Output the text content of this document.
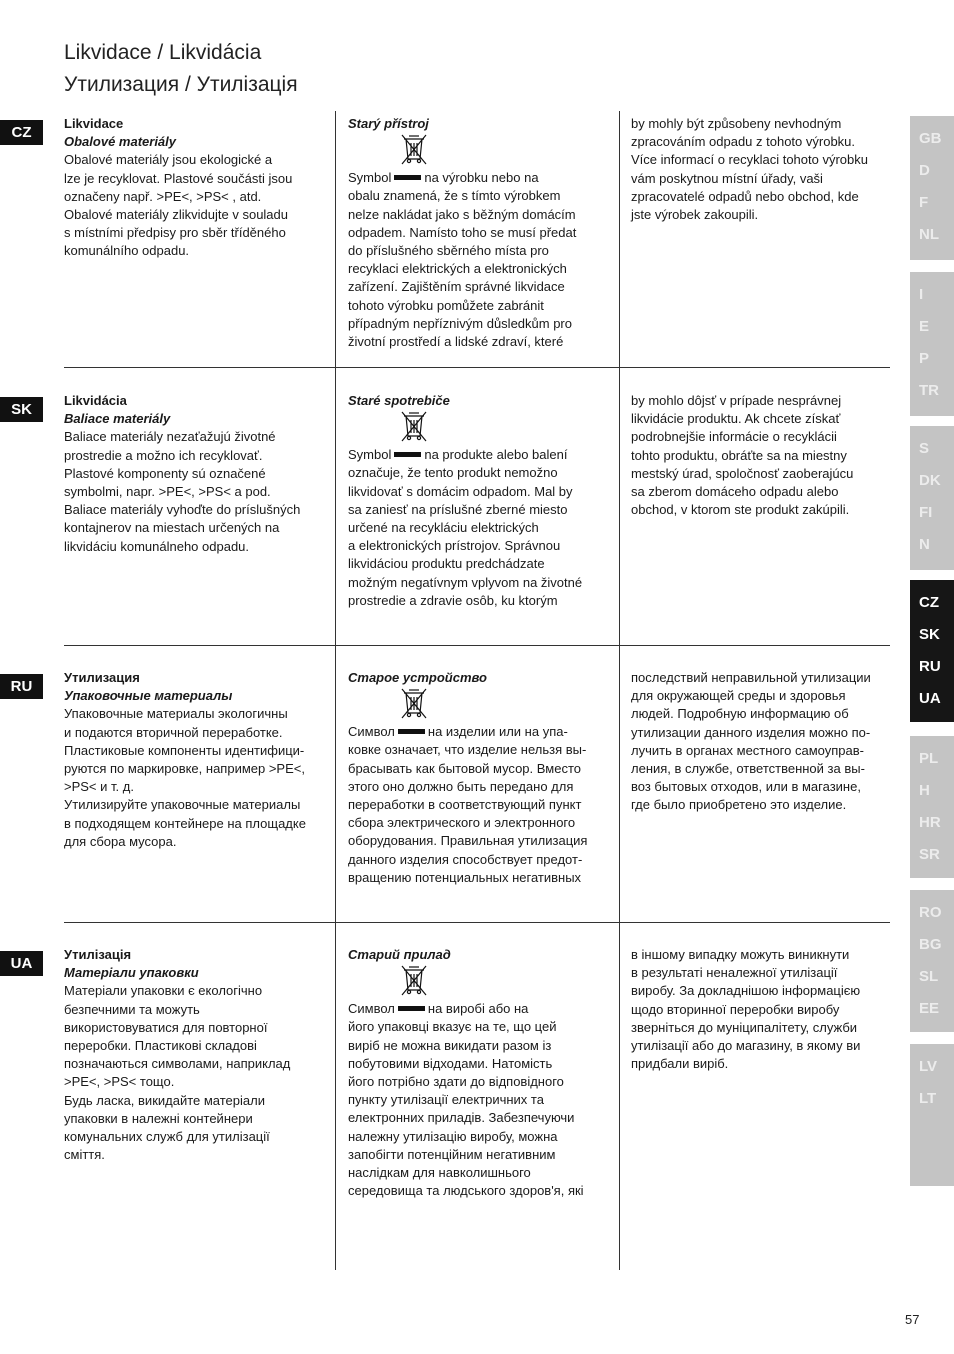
Likvidace / Likvidácia
Утилизация / Утилізація
CZ
SK
RU
UA

Likvidace

Obalové materiály

Obalové materiály jsou ekologické a

lze je recyklovat. Plastové součásti jsou

označeny např. >PE<, >PS< , atd.

Obalové materiály zlikvidujte v souladu

s místními předpisy pro sběr tříděného

komunálního odpadu.

Starý přístroj

Symbol	na výrobku nebo na

obalu znamená, že s tímto výrobkem

nelze nakládat jako s běžným domácím

odpadem. Namísto toho se musí předat

do příslušného sběrného místa pro

recyklaci elektrických a elektronických

zařízení. Zajištěním správné likvidace

tohoto výrobku pomůžete zabránit

případným nepříznivým důsledkům pro

životní prostředí a lidské zdraví, které

by mohly být způsobeny nevhodným

zpracováním odpadu z tohoto výrobku.

Více informací o recyklaci tohoto výrobku

vám poskytnou místní úřady, vaši

zpracovatelé odpadů nebo obchod, kde

jste výrobek zakoupili.

Likvidácia

Baliace materiály

Baliace materiály nezaťažujú životné

prostredie a možno ich recyklovať.

Plastové komponenty sú označené

symbolmi, napr. >PE<, >PS< a pod.

Baliace materiály vyhoďte do príslušných

kontajnerov na miestach určených na

likvidáciu komunálneho odpadu.

Staré spotrebiče

Symbol	na produkte alebo balení

označuje, že tento produkt nemožno

likvidovať s domácim odpadom. Mal by

sa zaniesť na príslušné zberné miesto

určené na recykláciu elektrických

a elektronických prístrojov. Správnou

likvidáciou produktu predchádzate

možným negatívnym vplyvom na životné

prostredie a zdravie osôb, ku ktorým

by mohlo dôjsť v prípade nesprávnej

likvidácie produktu. Ak chcete získať

podrobnejšie informácie o recyklácii

tohto produktu, obráťte sa na miestny

mestský úrad, spoločnosť zaoberajúcu

sa zberom domáceho odpadu alebo

obchod, v ktorom ste produkt zakúpili.

Утилизация

Упаковочные материалы

Упаковочные материалы экологичны

и подаются вторичной переработке.

Пластиковые компоненты идентифици-

руются по маркировке, например >PE<,

>PS< и т. д.

Утилизируйте упаковочные материалы

в подходящем контейнере на площадке

для сбора мусора.

Старое устройство

Символ	на изделии или на упа-

ковке означает, что изделие нельзя вы-

брасывать как бытовой мусор. Вместо

этого оно должно быть передано для

переработки в соответствующий пункт

сбора электрического и электронного

оборудования. Правильная утилизация

данного изделия способствует предот-

вращению потенциальных негативных

последствий неправильной утилизации

для окружающей среды и здоровья

людей. Подробную информацию об

утилизации данного изделия можно по-

лучить в органах местного самоуправ-

ления, в службе, ответственной за вы-

воз бытовых отходов, или в магазине,

где было приобретено это изделие.

Утилізація

Матеріали упаковки

Матеріали упаковки є екологічно

безпечними та можуть

використовуватися для повторної

переробки. Пластикові складові

позначаються символами, наприклад

>PE<, >PS< тощо.

Будь ласка, викидайте матеріали

упаковки в належні контейнери

комунальних служб для утилізації

сміття.

Старий прилад

Символ	на виробі або на

його упаковці вказує на те, що цей

виріб не можна викидати разом із

побутовими відходами. Натомість

його потрібно здати до відповідного

пункту утилізації електричних та

електронних приладів. Забезпечуючи

належну утилізацію виробу, можна

запобігти потенційним негативним

наслідкам для навколишнього

середовища та людського здоров'я, які

в іншому випадку можуть виникнути

в результаті неналежної утилізації

виробу. За докладнішою інформацією

щодо вторинної переробки виробу

зверніться до муніципалітету, служби

утилізації або до магазину, в якому ви

придбали виріб.

GB
D
F
NL
I
E
P
TR
S
DK
FI
N
CZ
SK
RU
UA
PL
H
HR
SR
RO
BG
SL
EE
LV
LT
57
